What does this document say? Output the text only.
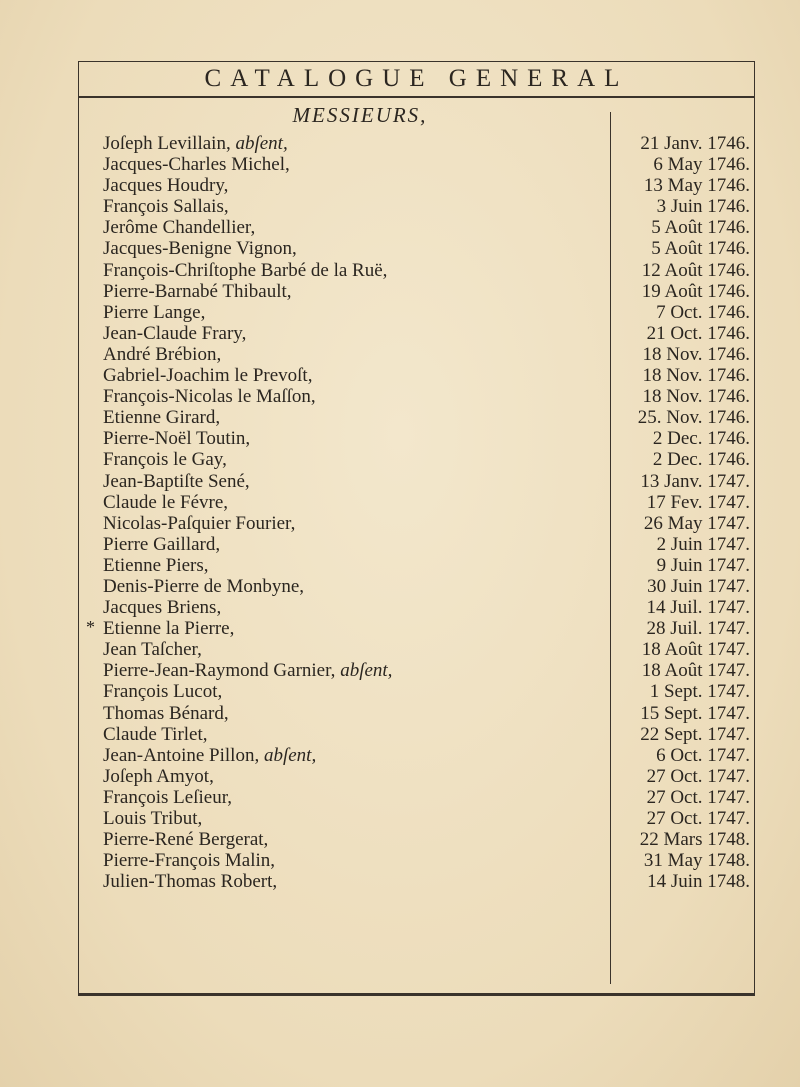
CATALOGUE GENERAL
MESSIEURS,
Joſeph Levillain, abſent,
Jacques-Charles Michel,
Jacques Houdry,
François Sallais,
Jerôme Chandellier,
Jacques-Benigne Vignon,
François-Chriſtophe Barbé de la Ruë,
Pierre-Barnabé Thibault,
Pierre Lange,
Jean-Claude Frary,
André Brébion,
Gabriel-Joachim le Prevoſt,
François-Nicolas le Maſſon,
Etienne Girard,
Pierre-Noël Toutin,
François le Gay,
Jean-Baptiſte Sené,
Claude le Févre,
Nicolas-Paſquier Fourier,
Pierre Gaillard,
Etienne Piers,
Denis-Pierre de Monbyne,
Jacques Briens,
Etienne la Pierre,
Jean Taſcher,
Pierre-Jean-Raymond Garnier, abſent,
François Lucot,
Thomas Bénard,
Claude Tirlet,
Jean-Antoine Pillon, abſent,
Joſeph Amyot,
François Leſieur,
Louis Tribut,
Pierre-René Bergerat,
Pierre-François Malin,
Julien-Thomas Robert,
21 Janv. 1746.
6 May 1746.
13 May 1746.
3 Juin 1746.
5 Août 1746.
5 Août 1746.
12 Août 1746.
19 Août 1746.
7 Oct. 1746.
21 Oct. 1746.
18 Nov. 1746.
18 Nov. 1746.
18 Nov. 1746.
25. Nov. 1746.
2 Dec. 1746.
2 Dec. 1746.
13 Janv. 1747.
17 Fev. 1747.
26 May 1747.
2 Juin 1747.
9 Juin 1747.
30 Juin 1747.
14 Juil. 1747.
28 Juil. 1747.
18 Août 1747.
18 Août 1747.
1 Sept. 1747.
15 Sept. 1747.
22 Sept. 1747.
6 Oct. 1747.
27 Oct. 1747.
27 Oct. 1747.
27 Oct. 1747.
22 Mars 1748.
31 May 1748.
14 Juin 1748.
*
